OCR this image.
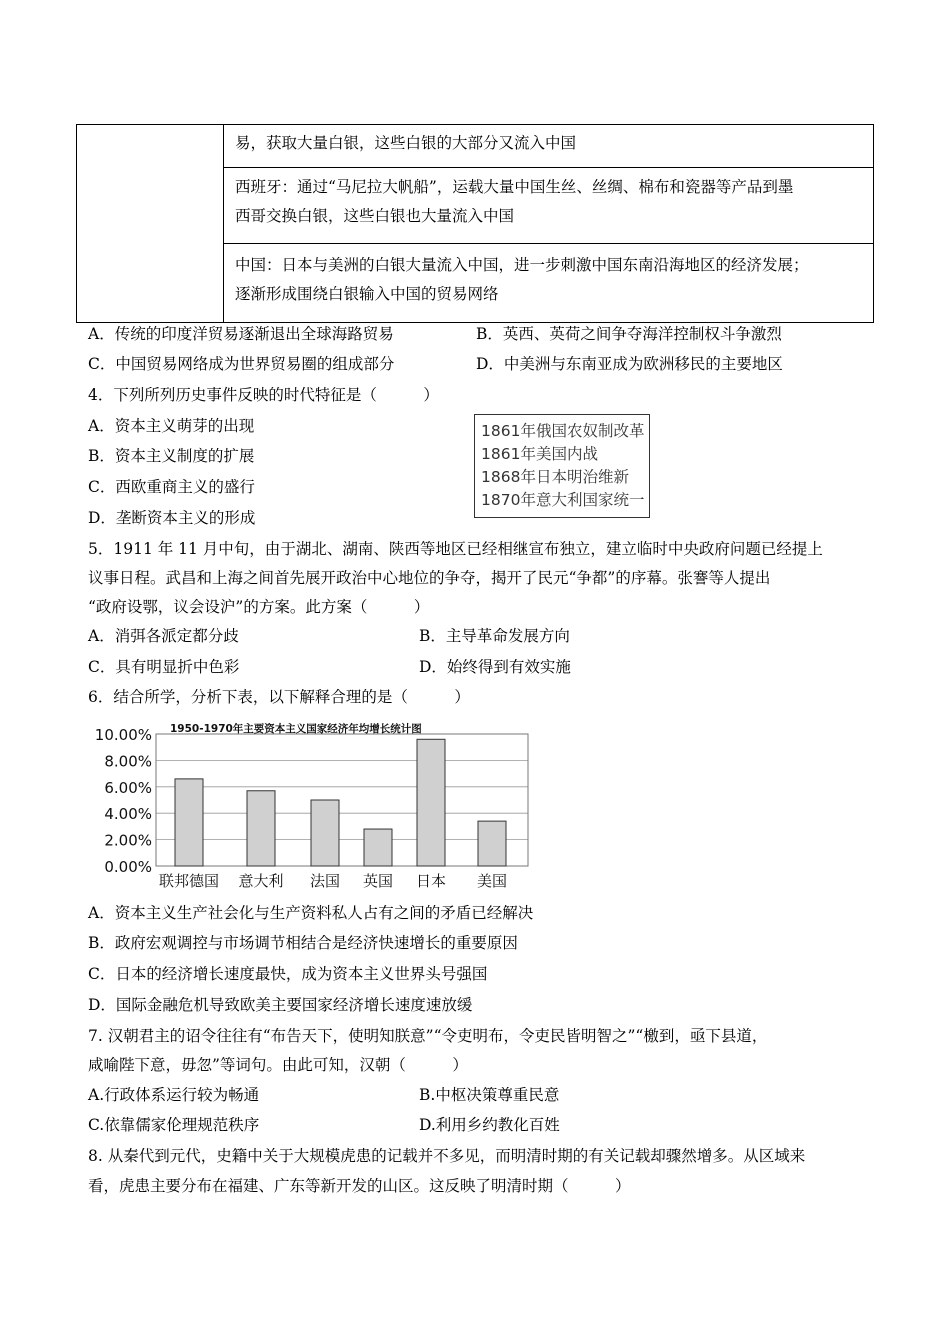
易，获取大量白银，这些白银的大部分又流入中国
西班牙：通过“马尼拉大帆船”，运载大量中国生丝、丝绸、棉布和瓷器等产品到墨
西哥交换白银，这些白银也大量流入中国
中国：日本与美洲的白银大量流入中国，进一步刺激中国东南沿海地区的经济发展；
逐渐形成围绕白银输入中国的贸易网络
A．传统的印度洋贸易逐渐退出全球海路贸易	B．英西、英荷之间争夺海洋控制权斗争激烈
C．中国贸易网络成为世界贸易圈的组成部分	D．中美洲与东南亚成为欧洲移民的主要地区
4．下列所列历史事件反映的时代特征是（　　　）
A．资本主义萌芽的出现
B．资本主义制度的扩展
C．西欧重商主义的盛行
D．垄断资本主义的形成
1861年俄国农奴制改革
1861年美国内战
1868年日本明治维新
1870年意大利国家统一
5．1911 年 11 月中旬，由于湖北、湖南、陕西等地区已经相继宣布独立，建立临时中央政府问题已经提上
议事日程。武昌和上海之间首先展开政治中心地位的争夺，揭开了民元“争都”的序幕。张謇等人提出
“政府设鄂，议会设沪”的方案。此方案（　　　）
A．消弭各派定都分歧	B．主导革命发展方向
C．具有明显折中色彩	D．始终得到有效实施
6．结合所学，分析下表，以下解释合理的是（　　　）
1950-1970年主要资本主义国家经济年均增长统计图
10.00%
8.00%
6.00%
4.00%
2.00%
0.00%
联邦德国 意大利 法国 英国 日本 美国
A．资本主义生产社会化与生产资料私人占有之间的矛盾已经解决
B．政府宏观调控与市场调节相结合是经济快速增长的重要原因
C．日本的经济增长速度最快，成为资本主义世界头号强国
D．国际金融危机导致欧美主要国家经济增长速度速放缓
7. 汉朝君主的诏令往往有“布告天下，使明知朕意”“令吏明布，令吏民皆明智之”“檄到，亟下县道，
咸喻陛下意，毋忽”等词句。由此可知，汉朝（　　　）
A.行政体系运行较为畅通	B.中枢决策尊重民意
C.依靠儒家伦理规范秩序	D.利用乡约教化百姓
8. 从秦代到元代，史籍中关于大规模虎患的记载并不多见，而明清时期的有关记载却骤然增多。从区域来
看，虎患主要分布在福建、广东等新开发的山区。这反映了明清时期（　　　）
